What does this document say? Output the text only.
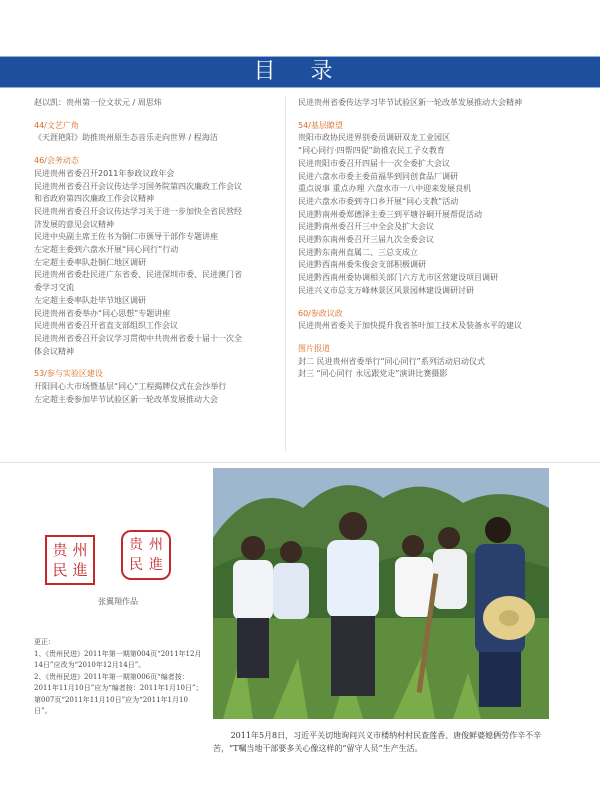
目 录

赵以凯：贵州第一位文状元 / 周思炜

44/文艺广角

《天涯艳阳》助推贵州原生态音乐走向世界 / 程海洁

46/会务动态

民进贵州省委召开2011年参政议政年会

民进贵州省委召开会议传达学习国务院第四次廉政工作会议

和省政府第四次廉政工作会议精神

民进贵州省委召开会议传达学习关于进一步加快全省民营经

济发展的意见会议精神

民进中央副主席王佐书为铜仁市颁导干部作专题讲座

左定超主委到六盘水开展“同心同行”行动

左定超主委率队赴铜仁地区调研

民进贵州省委赴民进广东省委、民进深圳市委、民进澳门省

委学习交流

左定超主委率队赴毕节地区调研

民进贵州省委举办“同心思想”专题讲座

民进贵州省委召开省直支部组织工作会议

民进贵州省委召开会议学习贯彻中共贵州省委十届十一次全

体会议精神

53/参与实验区建设

开阳同心大市场暨基层“同心”工程揭牌仪式在会沙举行

左定超主委参加毕节试验区新一轮改革发展推动大会

民进贵州省委传达学习毕节试验区新一轮改革发展推动大会精神

54/基层瞭望

贵阳市政协民进界别委员调研双龙工业园区

“同心同行·四帮四促”助推农民工子女教育

民进贵阳市委召开四届十一次全委扩大会议

民进六盘水市委主委苗福华到同创食品厂调研

重点说事 重点办理 六盘水市一八中迎来发展良机

民进六盘水市委到寺口乡开展“同心支教”活动

民进黔南州委郑德泽主委三到平塘谷硐开展帮促活动

民进黔南州委召开三中全会及扩大会议

民进黔东南州委召开三届九次全委会议

民进黔东南州直属二、三总支成立

民进黔西南州委朱俊会支部积极调研

民进黔西南州委协调相关部门六方尤市区营建设项目调研

民进兴义市总支万峰林景区风景园林建设调研讨研

60/参政议政

民进贵州省委关于加快提升我省茶叶加工技术及装备水平的建议

图片报道

封二 民进贵州省委举行“同心同行”系列活动启动仪式

封三 “同心同行 永远跟党走”演讲比赛摄影

贵 州
民 進
贵 州
民 進
张翼翔作品

更正：

1、《贵州民进》2011年第一期第004页“2011年12月14日”应改为“2010年12月14日”。

2、《贵州民进》2011年第一期第006页“编者按：2011年11月10日”应为“编者按：2011年1月10日”；第007页“2011年11月10日”应为“2011年1月10日”。

2011年5月8日，习近平关切地询问兴义市楼纳村村民查莲香、唐俊鲜婆媳俩劳作辛不辛苦，“T嘱当地干部要多关心像这样的“留守人员”生产生活。
